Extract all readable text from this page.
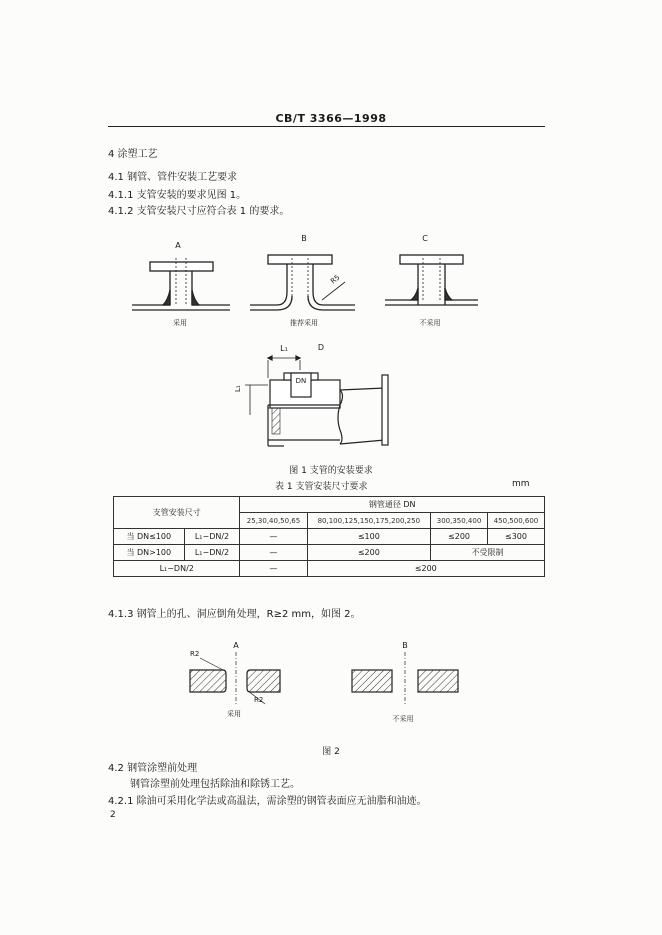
CB/T 3366—1998
4 涂塑工艺
4.1 钢管、管件安装工艺要求
4.1.1 支管安装的要求见图 1。
4.1.2 支管安装尺寸应符合表 1 的要求。
A
采用
B
R5
推荐采用
C
不采用
D
L₁
DN
L₁
图 1 支管的安装要求
表 1 支管安装尺寸要求	mm
支管安装尺寸		钢管通径 DN			
		25,30,40,50,65	80,100,125,150,175,200,250	300,350,400	450,500,600
当 DN≤100	L₁−DN/2	—	≤100	≤200	≤300
当 DN>100	L₁−DN/2	—	≤200	不受限制	
L₁−DN/2		—	≤200		
4.1.3 钢管上的孔、洞应倒角处理，R≥2 mm，如图 2。
A
R2
R2
采用
B
不采用
图 2
4.2 钢管涂塑前处理
钢管涂塑前处理包括除油和除锈工艺。
4.2.1 除油可采用化学法或高温法，需涂塑的钢管表面应无油脂和油迹。
2
